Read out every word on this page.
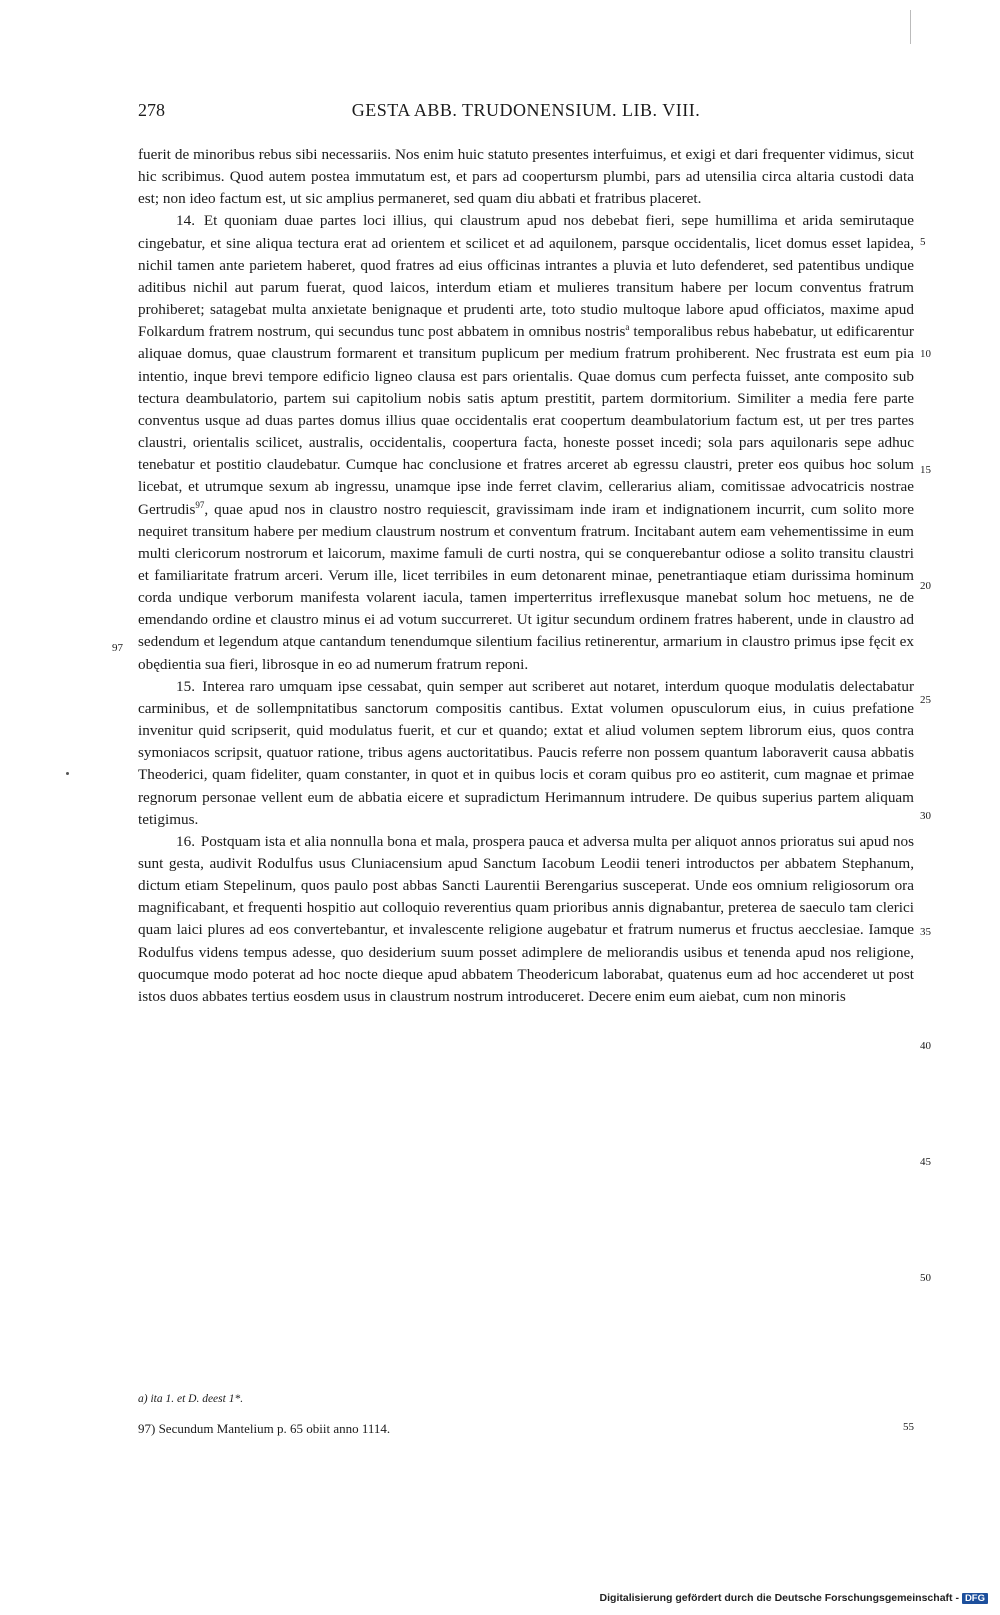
278	GESTA ABB. TRUDONENSIUM. LIB. VIII.

fuerit de minoribus rebus sibi necessariis. Nos enim huic statuto presentes interfuimus, et exigi et dari frequenter vidimus, sicut hic scribimus. Quod autem postea immutatum est, et pars ad coopertursm plumbi, pars ad utensilia circa altaria custodi data est; non ideo factum est, ut sic amplius permaneret, sed quam diu abbati et fratribus placeret.

14. Et quoniam duae partes loci illius, qui claustrum apud nos debebat fieri, sepe humillima et arida semirutaque cingebatur, et sine aliqua tectura erat ad orientem et scilicet et ad aquilonem, parsque occidentalis, licet domus esset lapidea, nichil tamen ante parietem haberet, quod fratres ad eius officinas intrantes a pluvia et luto defenderet, sed patentibus undique aditibus nichil aut parum fuerat, quod laicos, interdum etiam et mulieres transitum habere per locum conventus fratrum prohiberet; satagebat multa anxietate benignaque et prudenti arte, toto studio multoque labore apud officiatos, maxime apud Folkardum fratrem nostrum, qui secundus tunc post abbatem in omnibus nostris$^a$ temporalibus rebus habebatur, ut edificarentur aliquae domus, quae claustrum formarent et transitum puplicum per medium fratrum prohiberent. Nec frustrata est eum pia intentio, inque brevi tempore edificio ligneo clausa est pars orientalis. Quae domus cum perfecta fuisset, ante composito sub tectura deambulatorio, partem sui capitolium nobis satis aptum prestitit, partem dormitorium. Similiter a media fere parte conventus usque ad duas partes domus illius quae occidentalis erat coopertum deambulatorium factum est, ut per tres partes claustri, orientalis scilicet, australis, occidentalis, coopertura facta, honeste posset incedi; sola pars aquilonaris sepe adhuc tenebatur et postitio claudebatur. Cumque hac conclusione et fratres arceret ab egressu claustri, preter eos quibus hoc solum licebat, et utrumque sexum ab ingressu, unamque ipse inde ferret clavim, cellerarius aliam, comitissae advocatricis nostrae Gertrudis$^{97}$, quae apud nos in claustro nostro requiescit, gravissimam inde iram et indignationem incurrit, cum solito more nequiret transitum habere per medium claustrum nostrum et conventum fratrum. Incitabant autem eam vehementissime in eum multi clericorum nostrorum et laicorum, maxime famuli de curti nostra, qui se conquerebantur odiose a solito transitu claustri et familiaritate fratrum arceri. Verum ille, licet terribiles in eum detonarent minae, penetrantiaque etiam durissima hominum corda undique verborum manifesta volarent iacula, tamen imperterritus irreflexusque manebat solum hoc metuens, ne de emendando ordine et claustro minus ei ad votum succurreret. Ut igitur secundum ordinem fratres haberent, unde in claustro ad sedendum et legendum atque cantandum tenendumque silentium facilius retinerentur, armarium in claustro primus ipse fęcit ex obędientia sua fieri, librosque in eo ad numerum fratrum reponi.

15. Interea raro umquam ipse cessabat, quin semper aut scriberet aut notaret, interdum quoque modulatis delectabatur carminibus, et de sollempnitatibus sanctorum compositis cantibus. Extat volumen opusculorum eius, in cuius prefatione invenitur quid scripserit, quid modulatus fuerit, et cur et quando; extat et aliud volumen septem librorum eius, quos contra symoniacos scripsit, quatuor ratione, tribus agens auctoritatibus. Paucis referre non possem quantum laboraverit causa abbatis Theoderici, quam fideliter, quam constanter, in quot et in quibus locis et coram quibus pro eo astiterit, cum magnae et primae regnorum personae vellent eum de abbatia eicere et supradictum Herimannum intrudere. De quibus superius partem aliquam tetigimus.

16. Postquam ista et alia nonnulla bona et mala, prospera pauca et adversa multa per aliquot annos prioratus sui apud nos sunt gesta, audivit Rodulfus usus Cluniacensium apud Sanctum Iacobum Leodii teneri introductos per abbatem Stephanum, dictum etiam Stepelinum, quos paulo post abbas Sancti Laurentii Berengarius susceperat. Unde eos omnium religiosorum ora magnificabant, et frequenti hospitio aut colloquio reverentius quam prioribus annis dignabantur, preterea de saeculo tam clerici quam laici plures ad eos convertebantur, et invalescente religione augebatur et fratrum numerus et fructus aecclesiae. Iamque Rodulfus videns tempus adesse, quo desiderium suum posset adimplere de meliorandis usibus et tenenda apud nos religione, quocumque modo poterat ad hoc nocte dieque apud abbatem Theodericum laborabat, quatenus eum ad hoc accenderet ut post istos duos abbates tertius eosdem usus in claustrum nostrum introduceret. Decere enim eum aiebat, cum non minoris

97
5
10
15
20
25
30
35
40
45
50
a) ita 1. et D. deest 1*.
97) Secundum Mantelium p. 65 obiit anno 1114.	55
Digitalisierung gefördert durch die Deutsche Forschungsgemeinschaft - DFG
